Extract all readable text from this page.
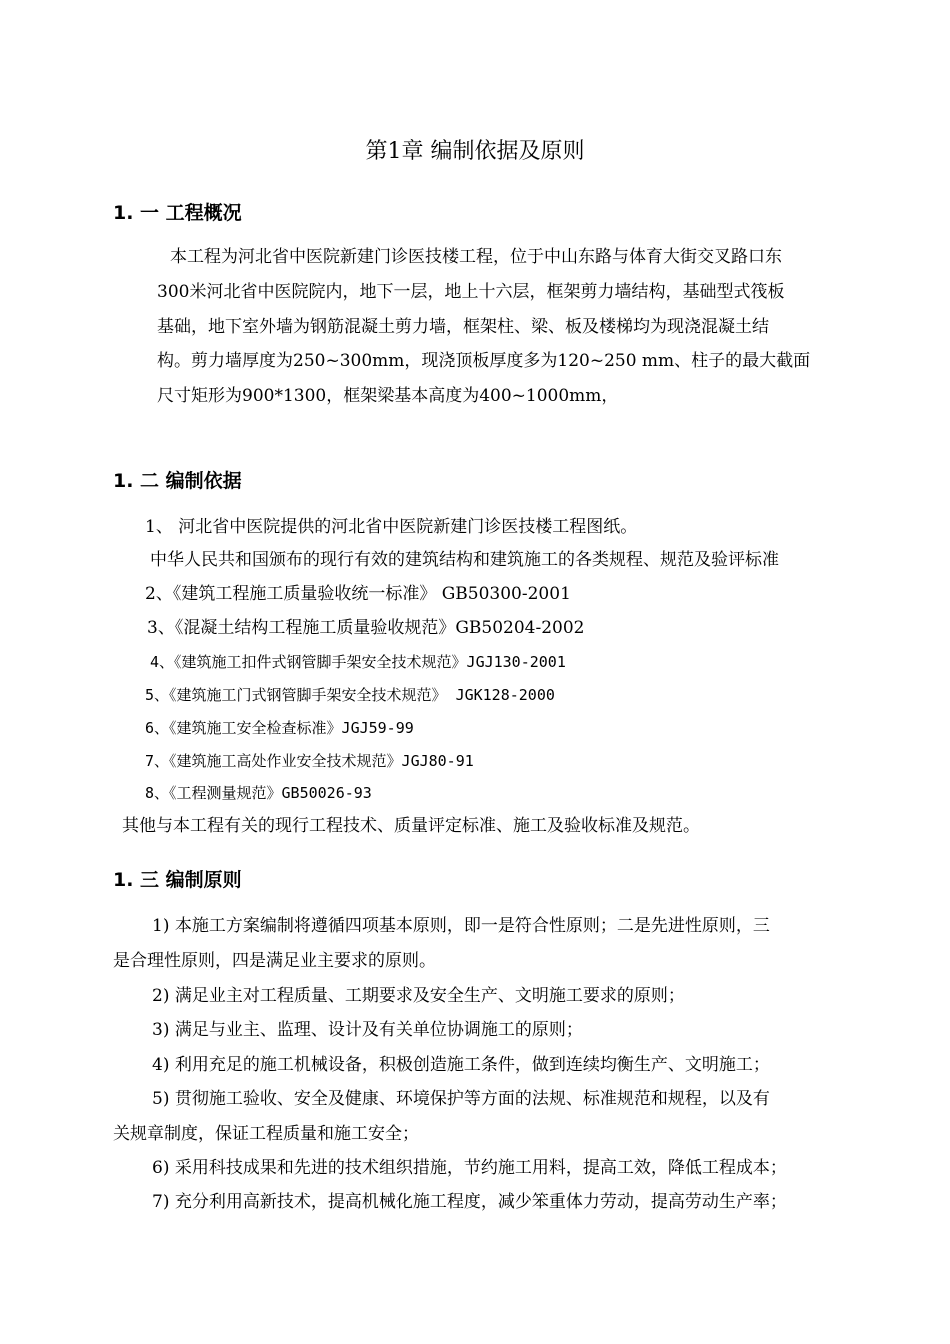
第1章 编制依据及原则
1. 一 工程概况
本工程为河北省中医院新建门诊医技楼工程，位于中山东路与体育大街交叉路口东
300米河北省中医院院内，地下一层，地上十六层，框架剪力墙结构，基础型式筏板
基础，地下室外墙为钢筋混凝土剪力墙，框架柱、梁、板及楼梯均为现浇混凝土结
构。剪力墙厚度为250~300mm，现浇顶板厚度多为120~250 mm、柱子的最大截面
尺寸矩形为900*1300，框架梁基本高度为400~1000mm，
1. 二 编制依据
1、 河北省中医院提供的河北省中医院新建门诊医技楼工程图纸。
中华人民共和国颁布的现行有效的建筑结构和建筑施工的各类规程、规范及验评标准
2、《建筑工程施工质量验收统一标准》 GB50300-2001
3、《混凝土结构工程施工质量验收规范》GB50204-2002
4、《建筑施工扣件式钢管脚手架安全技术规范》JGJ130-2001
5、《建筑施工门式钢管脚手架安全技术规范》 JGK128-2000
6、《建筑施工安全检查标准》JGJ59-99
7、《建筑施工高处作业安全技术规范》JGJ80-91
8、《工程测量规范》GB50026-93
其他与本工程有关的现行工程技术、质量评定标准、施工及验收标准及规范。
1. 三 编制原则
1) 本施工方案编制将遵循四项基本原则，即一是符合性原则；二是先进性原则，三
是合理性原则，四是满足业主要求的原则。
2) 满足业主对工程质量、工期要求及安全生产、文明施工要求的原则；
3) 满足与业主、监理、设计及有关单位协调施工的原则；
4) 利用充足的施工机械设备，积极创造施工条件，做到连续均衡生产、文明施工；
5) 贯彻施工验收、安全及健康、环境保护等方面的法规、标准规范和规程，以及有
关规章制度，保证工程质量和施工安全；
6) 采用科技成果和先进的技术组织措施，节约施工用料，提高工效，降低工程成本；
7) 充分利用高新技术，提高机械化施工程度，减少笨重体力劳动，提高劳动生产率；
